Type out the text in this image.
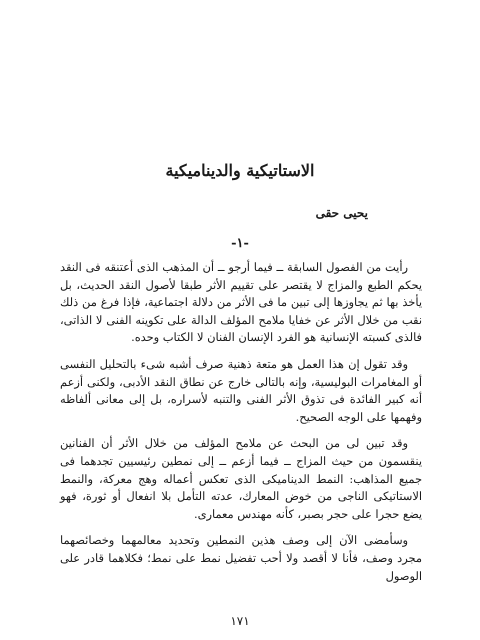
الاستاتيكية والديناميكية
يحيى حقى
-١-

رأيت من الفصول السابقة ــ فيما أرجو ــ أن المذهب الذى أعتنقه فى النقد يحكم الطبع والمزاج لا يقتصر على تقييم الأثر طبقا لأصول النقد الحديث، بل يأخذ بها ثم يجاوزها إلى تبين ما فى الأثر من دلالة اجتماعية، فإذا فرغ من ذلك نقب من خلال الأثر عن خفايا ملامح المؤلف الدالة على تكوينه الفنى لا الذاتى، فالذى كسبته الإنسانية هو الفرد الإنسان الفنان لا الكتاب وحده.

وقد تقول إن هذا العمل هو متعة ذهنية صرف أشبه شىء بالتحليل النفسى أو المغامرات البوليسية، وإنه بالتالى خارج عن نطاق النقد الأدبى، ولكنى أزعم أنه كبير الفائدة فى تذوق الأثر الفنى والتنبه لأسراره، بل إلى معانى ألفاظه وفهمها على الوجه الصحيح.

وقد تبين لى من البحث عن ملامح المؤلف من خلال الأثر أن الفنانين ينقسمون من حيث المزاج ــ فيما أزعم ــ إلى نمطين رئيسيين تجدهما فى جميع المذاهب: النمط الديناميكى الذى تعكس أعماله وهج معركة، والنمط الاستاتيكى الناجى من خوض المعارك، عدته التأمل بلا انفعال أو ثورة، فهو يضع حجرا على حجر بصبر، كأنه مهندس معمارى.

وسأمضى الآن إلى وصف هذين النمطين وتحديد معالمهما وخصائصهما مجرد وصف، فأنا لا أقصد ولا أحب تفضيل نمط على نمط؛ فكلاهما قادر على الوصول

١٧١
